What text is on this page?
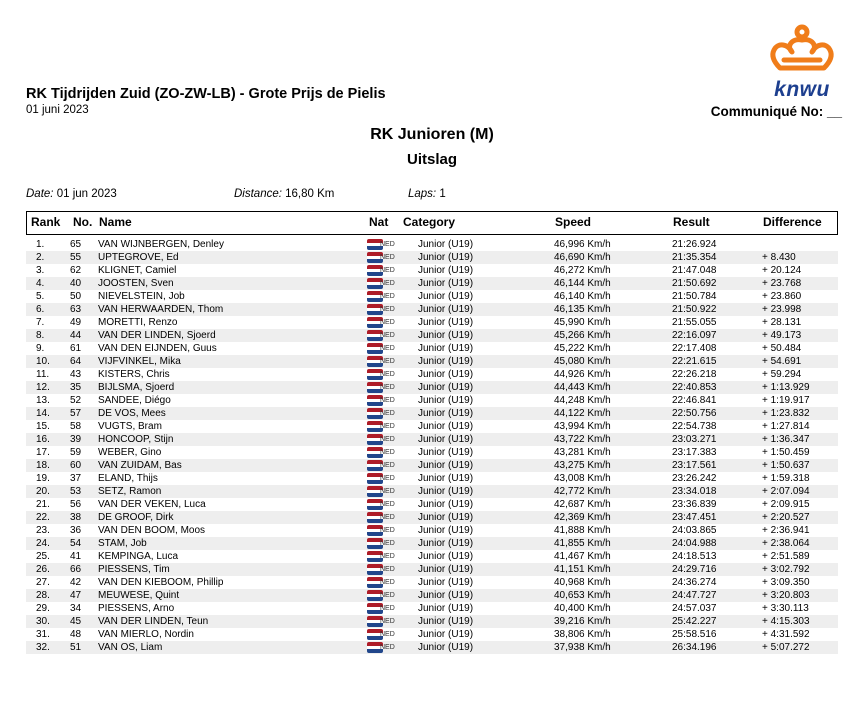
RK Tijdrijden Zuid (ZO-ZW-LB) - Grote Prijs de Pielis
01 juni 2023
knwu
Communiqué No: __
RK Junioren (M)
Uitslag
Date: 01 jun 2023	Distance: 16,80 Km	Laps: 1
Rank No. Name	Nat Category	Speed	Result	Difference
1.	65 VAN WIJNBERGEN, Denley	Junior (U19)	46,996 Km/h	21:26.924
NED
2.	55 UPTEGROVE, Ed	Junior (U19)	46,690 Km/h	21:35.354	+ 8.430
NED
3.	62 KLIGNET, Camiel	Junior (U19)	46,272 Km/h	21:47.048	+ 20.124
NED
4.	40 JOOSTEN, Sven	Junior (U19)	46,144 Km/h	21:50.692	+ 23.768
NED
5.	50 NIEVELSTEIN, Job	Junior (U19)	46,140 Km/h	21:50.784	+ 23.860
NED
6.	63 VAN HERWAARDEN, Thom	Junior (U19)	46,135 Km/h	21:50.922	+ 23.998
NED
7.	49 MORETTI, Renzo	Junior (U19)	45,990 Km/h	21:55.055	+ 28.131
NED
8.	44 VAN DER LINDEN, Sjoerd	Junior (U19)	45,266 Km/h	22:16.097	+ 49.173
NED
9.	61 VAN DEN EIJNDEN, Guus	Junior (U19)	45,222 Km/h	22:17.408	+ 50.484
NED
10. 64 VIJFVINKEL, Mika	Junior (U19)	45,080 Km/h	22:21.615	+ 54.691
NED
11. 43 KISTERS, Chris	Junior (U19)	44,926 Km/h	22:26.218	+ 59.294
NED
12. 35 BIJLSMA, Sjoerd	Junior (U19)	44,443 Km/h	22:40.853	+ 1:13.929
NED
13. 52 SANDEE, Diégo	Junior (U19)	44,248 Km/h	22:46.841	+ 1:19.917
NED
14. 57 DE VOS, Mees	Junior (U19)	44,122 Km/h	22:50.756	+ 1:23.832
NED
15. 58 VUGTS, Bram	Junior (U19)	43,994 Km/h	22:54.738	+ 1:27.814
NED
16. 39 HONCOOP, Stijn	Junior (U19)	43,722 Km/h	23:03.271	+ 1:36.347
NED
17. 59 WEBER, Gino	Junior (U19)	43,281 Km/h	23:17.383	+ 1:50.459
NED
18. 60 VAN ZUIDAM, Bas	Junior (U19)	43,275 Km/h	23:17.561	+ 1:50.637
NED
19. 37 ELAND, Thijs	Junior (U19)	43,008 Km/h	23:26.242	+ 1:59.318
NED
20. 53 SETZ, Ramon	Junior (U19)	42,772 Km/h	23:34.018	+ 2:07.094
NED
21. 56 VAN DER VEKEN, Luca	Junior (U19)	42,687 Km/h	23:36.839	+ 2:09.915
NED
22. 38 DE GROOF, Dirk	Junior (U19)	42,369 Km/h	23:47.451	+ 2:20.527
NED
23. 36 VAN DEN BOOM, Moos	Junior (U19)	41,888 Km/h	24:03.865	+ 2:36.941
NED
24. 54 STAM, Job	Junior (U19)	41,855 Km/h	24:04.988	+ 2:38.064
NED
25. 41 KEMPINGA, Luca	Junior (U19)	41,467 Km/h	24:18.513	+ 2:51.589
NED
26. 66 PIESSENS, Tim	Junior (U19)	41,151 Km/h	24:29.716	+ 3:02.792
NED
27. 42 VAN DEN KIEBOOM, Phillip	Junior (U19)	40,968 Km/h	24:36.274	+ 3:09.350
NED
28. 47 MEUWESE, Quint	Junior (U19)	40,653 Km/h	24:47.727	+ 3:20.803
NED
29. 34 PIESSENS, Arno	Junior (U19)	40,400 Km/h	24:57.037	+ 3:30.113
NED
30. 45 VAN DER LINDEN, Teun	Junior (U19)	39,216 Km/h	25:42.227	+ 4:15.303
NED
31. 48 VAN MIERLO, Nordin	Junior (U19)	38,806 Km/h	25:58.516	+ 4:31.592
NED
32. 51 VAN OS, Liam	Junior (U19)	37,938 Km/h	26:34.196	+ 5:07.272
NED
